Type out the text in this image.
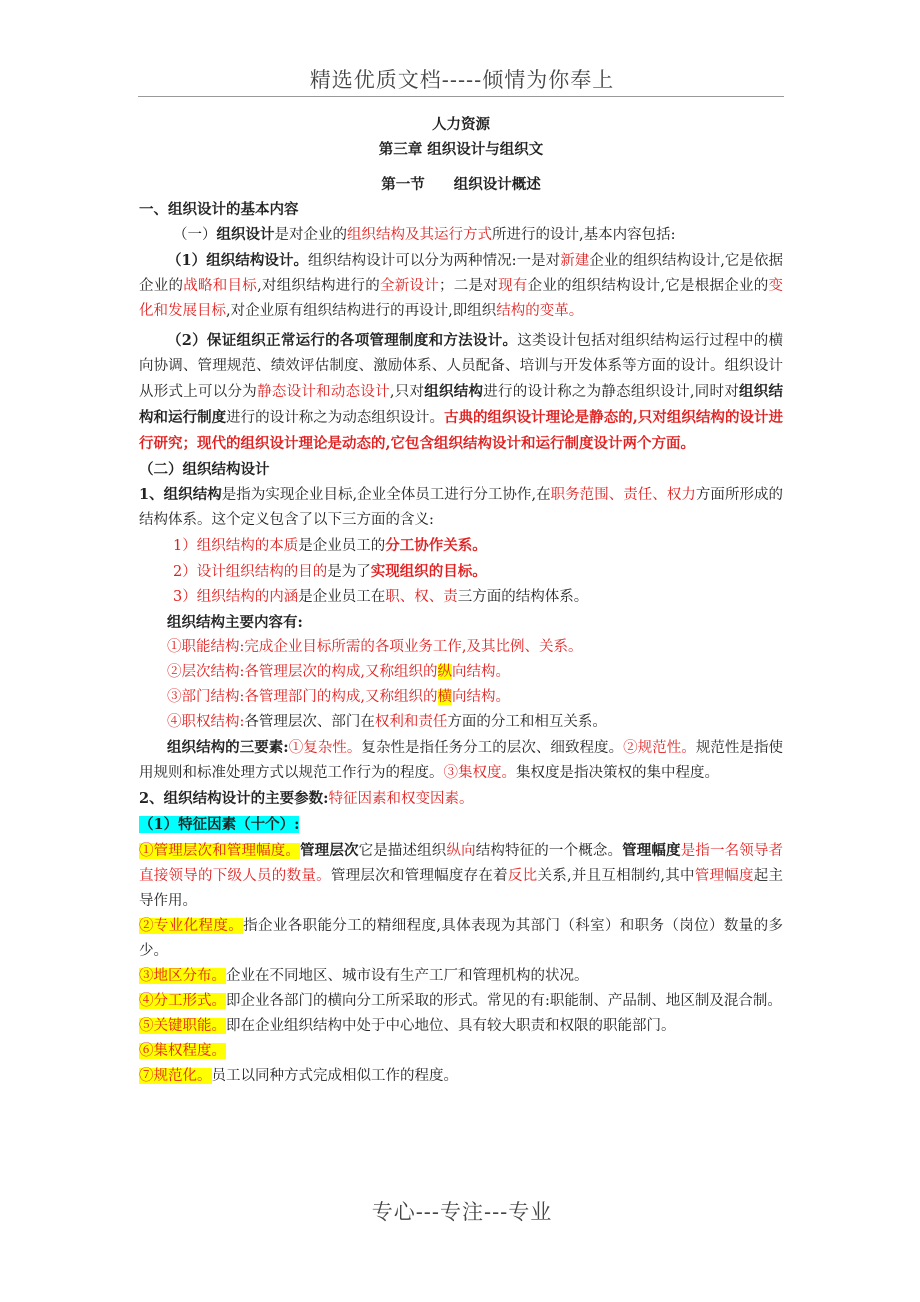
精选优质文档-----倾情为你奉上

人力资源

第三章 组织设计与组织文

第一节　　组织设计概述

一、组织设计的基本内容

（一）组织设计是对企业的组织结构及其运行方式所进行的设计,基本内容包括:

（1）组织结构设计。组织结构设计可以分为两种情况:一是对新建企业的组织结构设计,它是依据企业的战略和目标,对组织结构进行的全新设计；二是对现有企业的组织结构设计,它是根据企业的变化和发展目标,对企业原有组织结构进行的再设计,即组织结构的变革。

（2）保证组织正常运行的各项管理制度和方法设计。这类设计包括对组织结构运行过程中的横向协调、管理规范、绩效评估制度、激励体系、人员配备、培训与开发体系等方面的设计。组织设计从形式上可以分为静态设计和动态设计,只对组织结构进行的设计称之为静态组织设计,同时对组织结构和运行制度进行的设计称之为动态组织设计。古典的组织设计理论是静态的,只对组织结构的设计进行研究；现代的组织设计理论是动态的,它包含组织结构设计和运行制度设计两个方面。

（二）组织结构设计

1、组织结构是指为实现企业目标,企业全体员工进行分工协作,在职务范围、责任、权力方面所形成的结构体系。这个定义包含了以下三方面的含义:

1）组织结构的本质是企业员工的分工协作关系。

2）设计组织结构的目的是为了实现组织的目标。

3）组织结构的内涵是企业员工在职、权、责三方面的结构体系。

组织结构主要内容有:

①职能结构:完成企业目标所需的各项业务工作,及其比例、关系。

②层次结构:各管理层次的构成,又称组织的纵向结构。

③部门结构:各管理部门的构成,又称组织的横向结构。

④职权结构:各管理层次、部门在权利和责任方面的分工和相互关系。

组织结构的三要素:①复杂性。复杂性是指任务分工的层次、细致程度。②规范性。规范性是指使用规则和标准处理方式以规范工作行为的程度。③集权度。集权度是指决策权的集中程度。

2、组织结构设计的主要参数:特征因素和权变因素。

（1）特征因素（十个）:

①管理层次和管理幅度。管理层次它是描述组织纵向结构特征的一个概念。管理幅度是指一名领导者直接领导的下级人员的数量。管理层次和管理幅度存在着反比关系,并且互相制约,其中管理幅度起主导作用。

②专业化程度。指企业各职能分工的精细程度,具体表现为其部门（科室）和职务（岗位）数量的多少。

③地区分布。企业在不同地区、城市设有生产工厂和管理机构的状况。

④分工形式。即企业各部门的横向分工所采取的形式。常见的有:职能制、产品制、地区制及混合制。

⑤关键职能。即在企业组织结构中处于中心地位、具有较大职责和权限的职能部门。

⑥集权程度。

⑦规范化。员工以同种方式完成相似工作的程度。

专心---专注---专业
